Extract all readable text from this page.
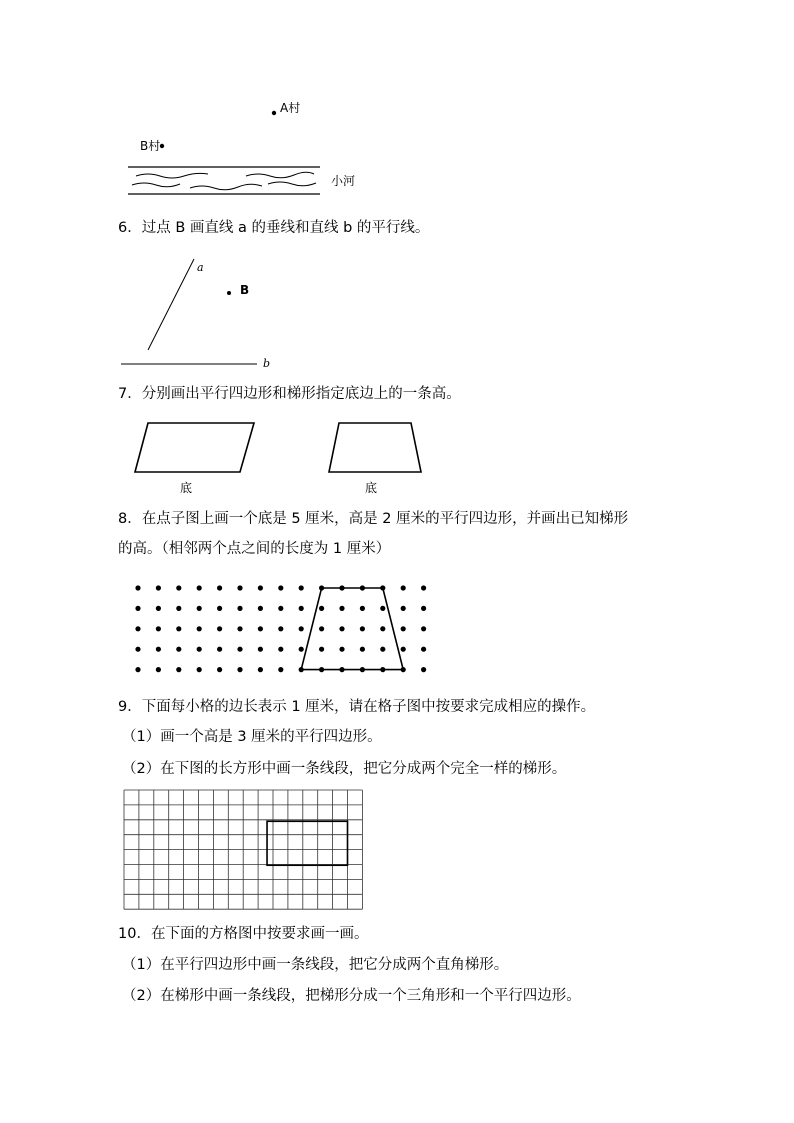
A村
B村
小河
6．过点 B 画直线 a 的垂线和直线 b 的平行线。
a
B
b
7．分别画出平行四边形和梯形指定底边上的一条高。
底	底
8．在点子图上画一个底是 5 厘米，高是 2 厘米的平行四边形，并画出已知梯形
的高。（相邻两个点之间的长度为 1 厘米）
9．下面每小格的边长表示 1 厘米，请在格子图中按要求完成相应的操作。
（1）画一个高是 3 厘米的平行四边形。
（2）在下图的长方形中画一条线段，把它分成两个完全一样的梯形。
10．在下面的方格图中按要求画一画。
（1）在平行四边形中画一条线段，把它分成两个直角梯形。
（2）在梯形中画一条线段，把梯形分成一个三角形和一个平行四边形。
